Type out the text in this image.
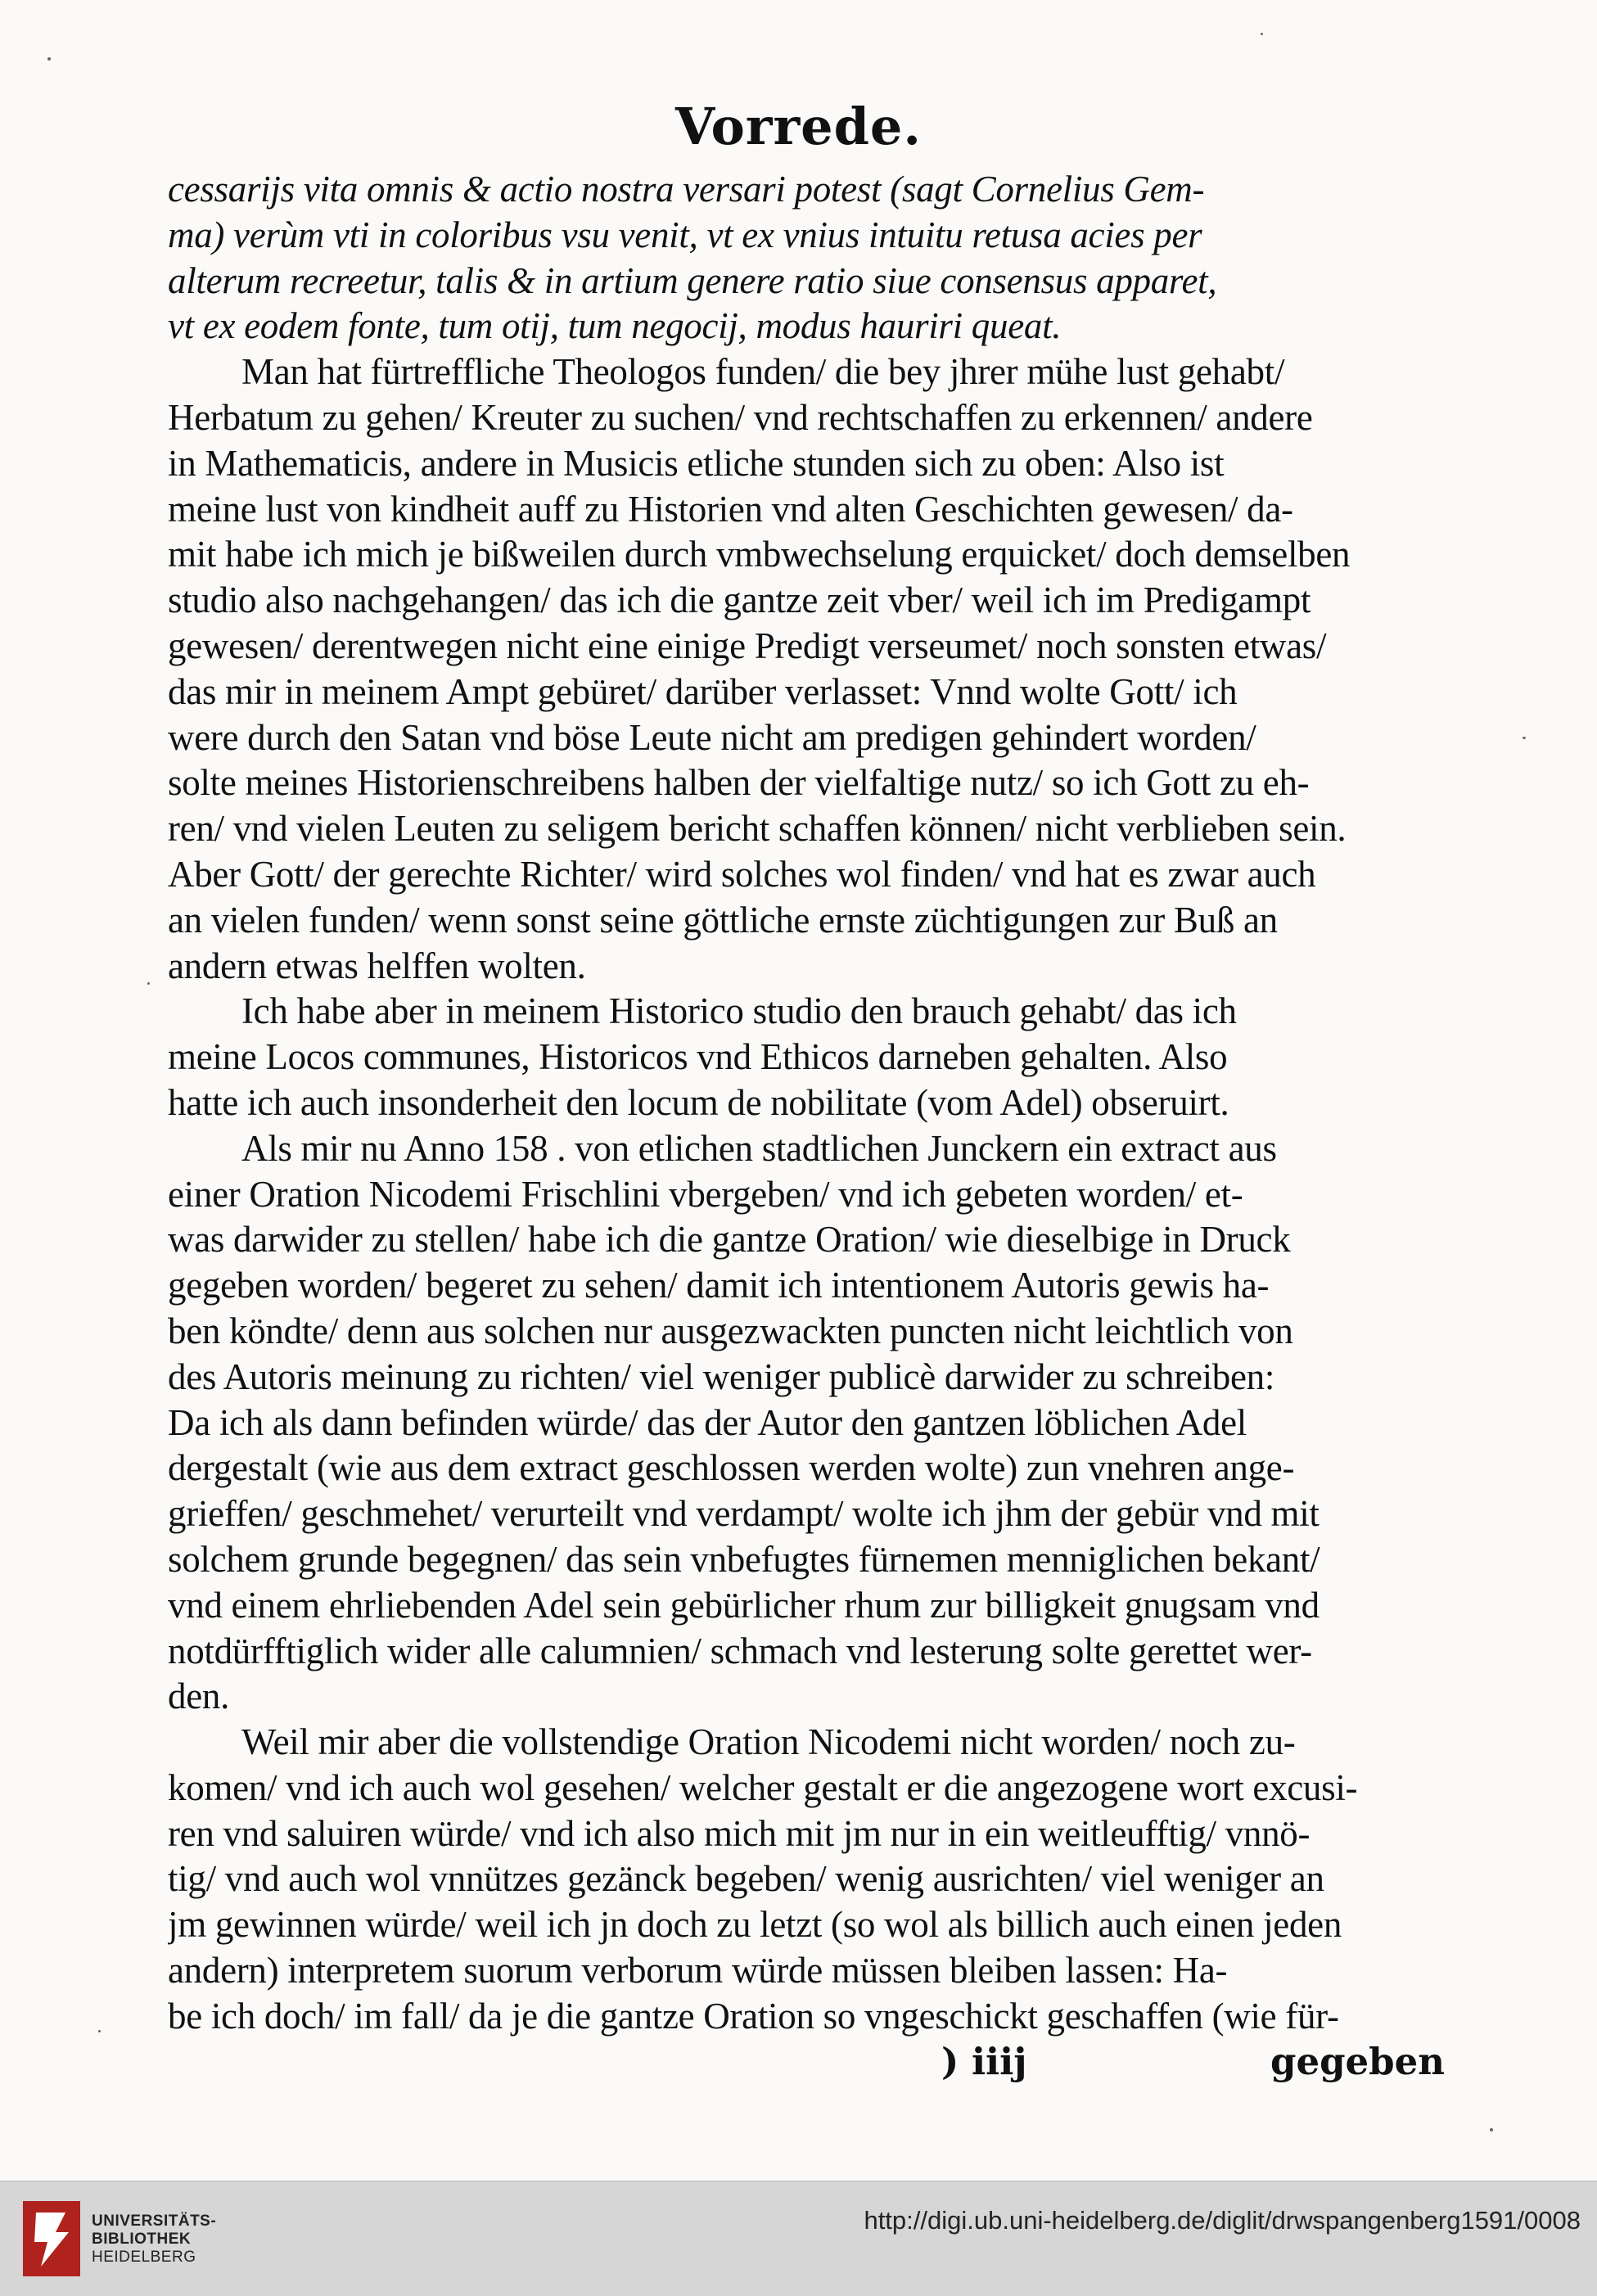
Vorrede.
cessarijs vita omnis & actio nostra versari potest (sagt Cornelius Gem-
ma) verùm vti in coloribus vsu venit, vt ex vnius intuitu retusa acies per
alterum recreetur, talis & in artium genere ratio siue consensus apparet,
vt ex eodem fonte, tum otij, tum negocij, modus hauriri queat.
Man hat fürtreffliche Theologos funden/ die bey jhrer mühe lust gehabt/
Herbatum zu gehen/ Kreuter zu suchen/ vnd rechtschaffen zu erkennen/ andere
in Mathematicis, andere in Musicis etliche stunden sich zu oben: Also ist
meine lust von kindheit auff zu Historien vnd alten Geschichten gewesen/ da-
mit habe ich mich je bißweilen durch vmbwechselung erquicket/ doch demselben
studio also nachgehangen/ das ich die gantze zeit vber/ weil ich im Predigampt
gewesen/ derentwegen nicht eine einige Predigt verseumet/ noch sonsten etwas/
das mir in meinem Ampt gebüret/ darüber verlasset: Vnnd wolte Gott/ ich
were durch den Satan vnd böse Leute nicht am predigen gehindert worden/
solte meines Historienschreibens halben der vielfaltige nutz/ so ich Gott zu eh-
ren/ vnd vielen Leuten zu seligem bericht schaffen können/ nicht verblieben sein.
Aber Gott/ der gerechte Richter/ wird solches wol finden/ vnd hat es zwar auch
an vielen funden/ wenn sonst seine göttliche ernste züchtigungen zur Buß an
andern etwas helffen wolten.
Ich habe aber in meinem Historico studio den brauch gehabt/ das ich
meine Locos communes, Historicos vnd Ethicos darneben gehalten. Also
hatte ich auch insonderheit den locum de nobilitate (vom Adel) obseruirt.
Als mir nu Anno 158 . von etlichen stadtlichen Junckern ein extract aus
einer Oration Nicodemi Frischlini vbergeben/ vnd ich gebeten worden/ et-
was darwider zu stellen/ habe ich die gantze Oration/ wie dieselbige in Druck
gegeben worden/ begeret zu sehen/ damit ich intentionem Autoris gewis ha-
ben köndte/ denn aus solchen nur ausgezwackten puncten nicht leichtlich von
des Autoris meinung zu richten/ viel weniger publicè darwider zu schreiben:
Da ich als dann befinden würde/ das der Autor den gantzen löblichen Adel
dergestalt (wie aus dem extract geschlossen werden wolte) zun vnehren ange-
grieffen/ geschmehet/ verurteilt vnd verdampt/ wolte ich jhm der gebür vnd mit
solchem grunde begegnen/ das sein vnbefugtes fürnemen menniglichen bekant/
vnd einem ehrliebenden Adel sein gebürlicher rhum zur billigkeit gnugsam vnd
notdürfftiglich wider alle calumnien/ schmach vnd lesterung solte gerettet wer-
den.
Weil mir aber die vollstendige Oration Nicodemi nicht worden/ noch zu-
komen/ vnd ich auch wol gesehen/ welcher gestalt er die angezogene wort excusi-
ren vnd saluiren würde/ vnd ich also mich mit jm nur in ein weitleufftig/ vnnö-
tig/ vnd auch wol vnnützes gezänck begeben/ wenig ausrichten/ viel weniger an
jm gewinnen würde/ weil ich jn doch zu letzt (so wol als billich auch einen jeden
andern) interpretem suorum verborum würde müssen bleiben lassen: Ha-
be ich doch/ im fall/ da je die gantze Oration so vngeschickt geschaffen (wie für-
) iiij	gegeben
UNIVERSITÄTS-
BIBLIOTHEK
HEIDELBERG
http://digi.ub.uni-heidelberg.de/diglit/drwspangenberg1591/0008
